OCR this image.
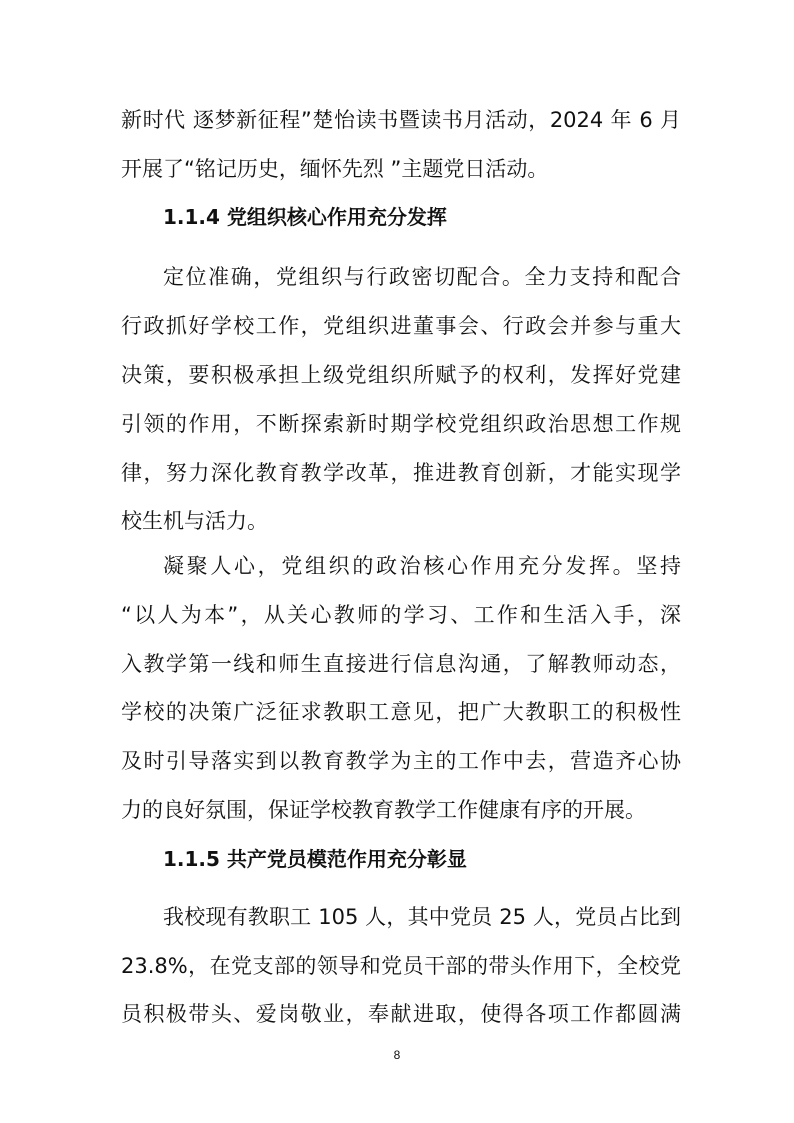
新时代 逐梦新征程”楚怡读书暨读书月活动，2024 年 6 月
开展了“铭记历史，缅怀先烈 ”主题党日活动。
1.1.4 党组织核心作用充分发挥
定位准确，党组织与行政密切配合。全力支持和配合
行政抓好学校工作，党组织进董事会、行政会并参与重大
决策，要积极承担上级党组织所赋予的权利，发挥好党建
引领的作用，不断探索新时期学校党组织政治思想工作规
律，努力深化教育教学改革，推进教育创新，才能实现学
校生机与活力。
凝聚人心，党组织的政治核心作用充分发挥。坚持
“以人为本”，从关心教师的学习、工作和生活入手，深
入教学第一线和师生直接进行信息沟通，了解教师动态，
学校的决策广泛征求教职工意见，把广大教职工的积极性
及时引导落实到以教育教学为主的工作中去，营造齐心协
力的良好氛围，保证学校教育教学工作健康有序的开展。
1.1.5 共产党员模范作用充分彰显
我校现有教职工 105 人，其中党员 25 人，党员占比到
23.8%，在党支部的领导和党员干部的带头作用下，全校党
员积极带头、爱岗敬业，奉献进取，使得各项工作都圆满
8
